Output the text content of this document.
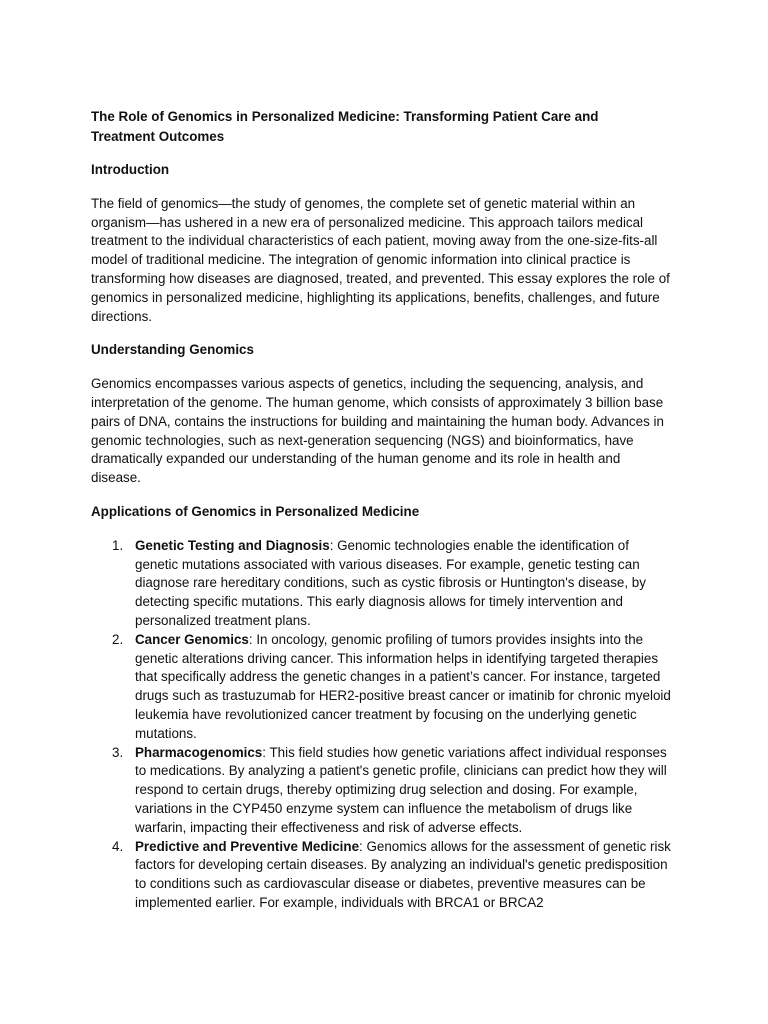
The Role of Genomics in Personalized Medicine: Transforming Patient Care and Treatment Outcomes

Introduction

The field of genomics—the study of genomes, the complete set of genetic material within an organism—has ushered in a new era of personalized medicine. This approach tailors medical treatment to the individual characteristics of each patient, moving away from the one-size-fits-all model of traditional medicine. The integration of genomic information into clinical practice is transforming how diseases are diagnosed, treated, and prevented. This essay explores the role of genomics in personalized medicine, highlighting its applications, benefits, challenges, and future directions.

Understanding Genomics

Genomics encompasses various aspects of genetics, including the sequencing, analysis, and interpretation of the genome. The human genome, which consists of approximately 3 billion base pairs of DNA, contains the instructions for building and maintaining the human body. Advances in genomic technologies, such as next-generation sequencing (NGS) and bioinformatics, have dramatically expanded our understanding of the human genome and its role in health and disease.

Applications of Genomics in Personalized Medicine

1. Genetic Testing and Diagnosis: Genomic technologies enable the identification of genetic mutations associated with various diseases. For example, genetic testing can diagnose rare hereditary conditions, such as cystic fibrosis or Huntington's disease, by detecting specific mutations. This early diagnosis allows for timely intervention and personalized treatment plans.
2. Cancer Genomics: In oncology, genomic profiling of tumors provides insights into the genetic alterations driving cancer. This information helps in identifying targeted therapies that specifically address the genetic changes in a patient’s cancer. For instance, targeted drugs such as trastuzumab for HER2-positive breast cancer or imatinib for chronic myeloid leukemia have revolutionized cancer treatment by focusing on the underlying genetic mutations.
3. Pharmacogenomics: This field studies how genetic variations affect individual responses to medications. By analyzing a patient's genetic profile, clinicians can predict how they will respond to certain drugs, thereby optimizing drug selection and dosing. For example, variations in the CYP450 enzyme system can influence the metabolism of drugs like warfarin, impacting their effectiveness and risk of adverse effects.
4. Predictive and Preventive Medicine: Genomics allows for the assessment of genetic risk factors for developing certain diseases. By analyzing an individual's genetic predisposition to conditions such as cardiovascular disease or diabetes, preventive measures can be implemented earlier. For example, individuals with BRCA1 or BRCA2
